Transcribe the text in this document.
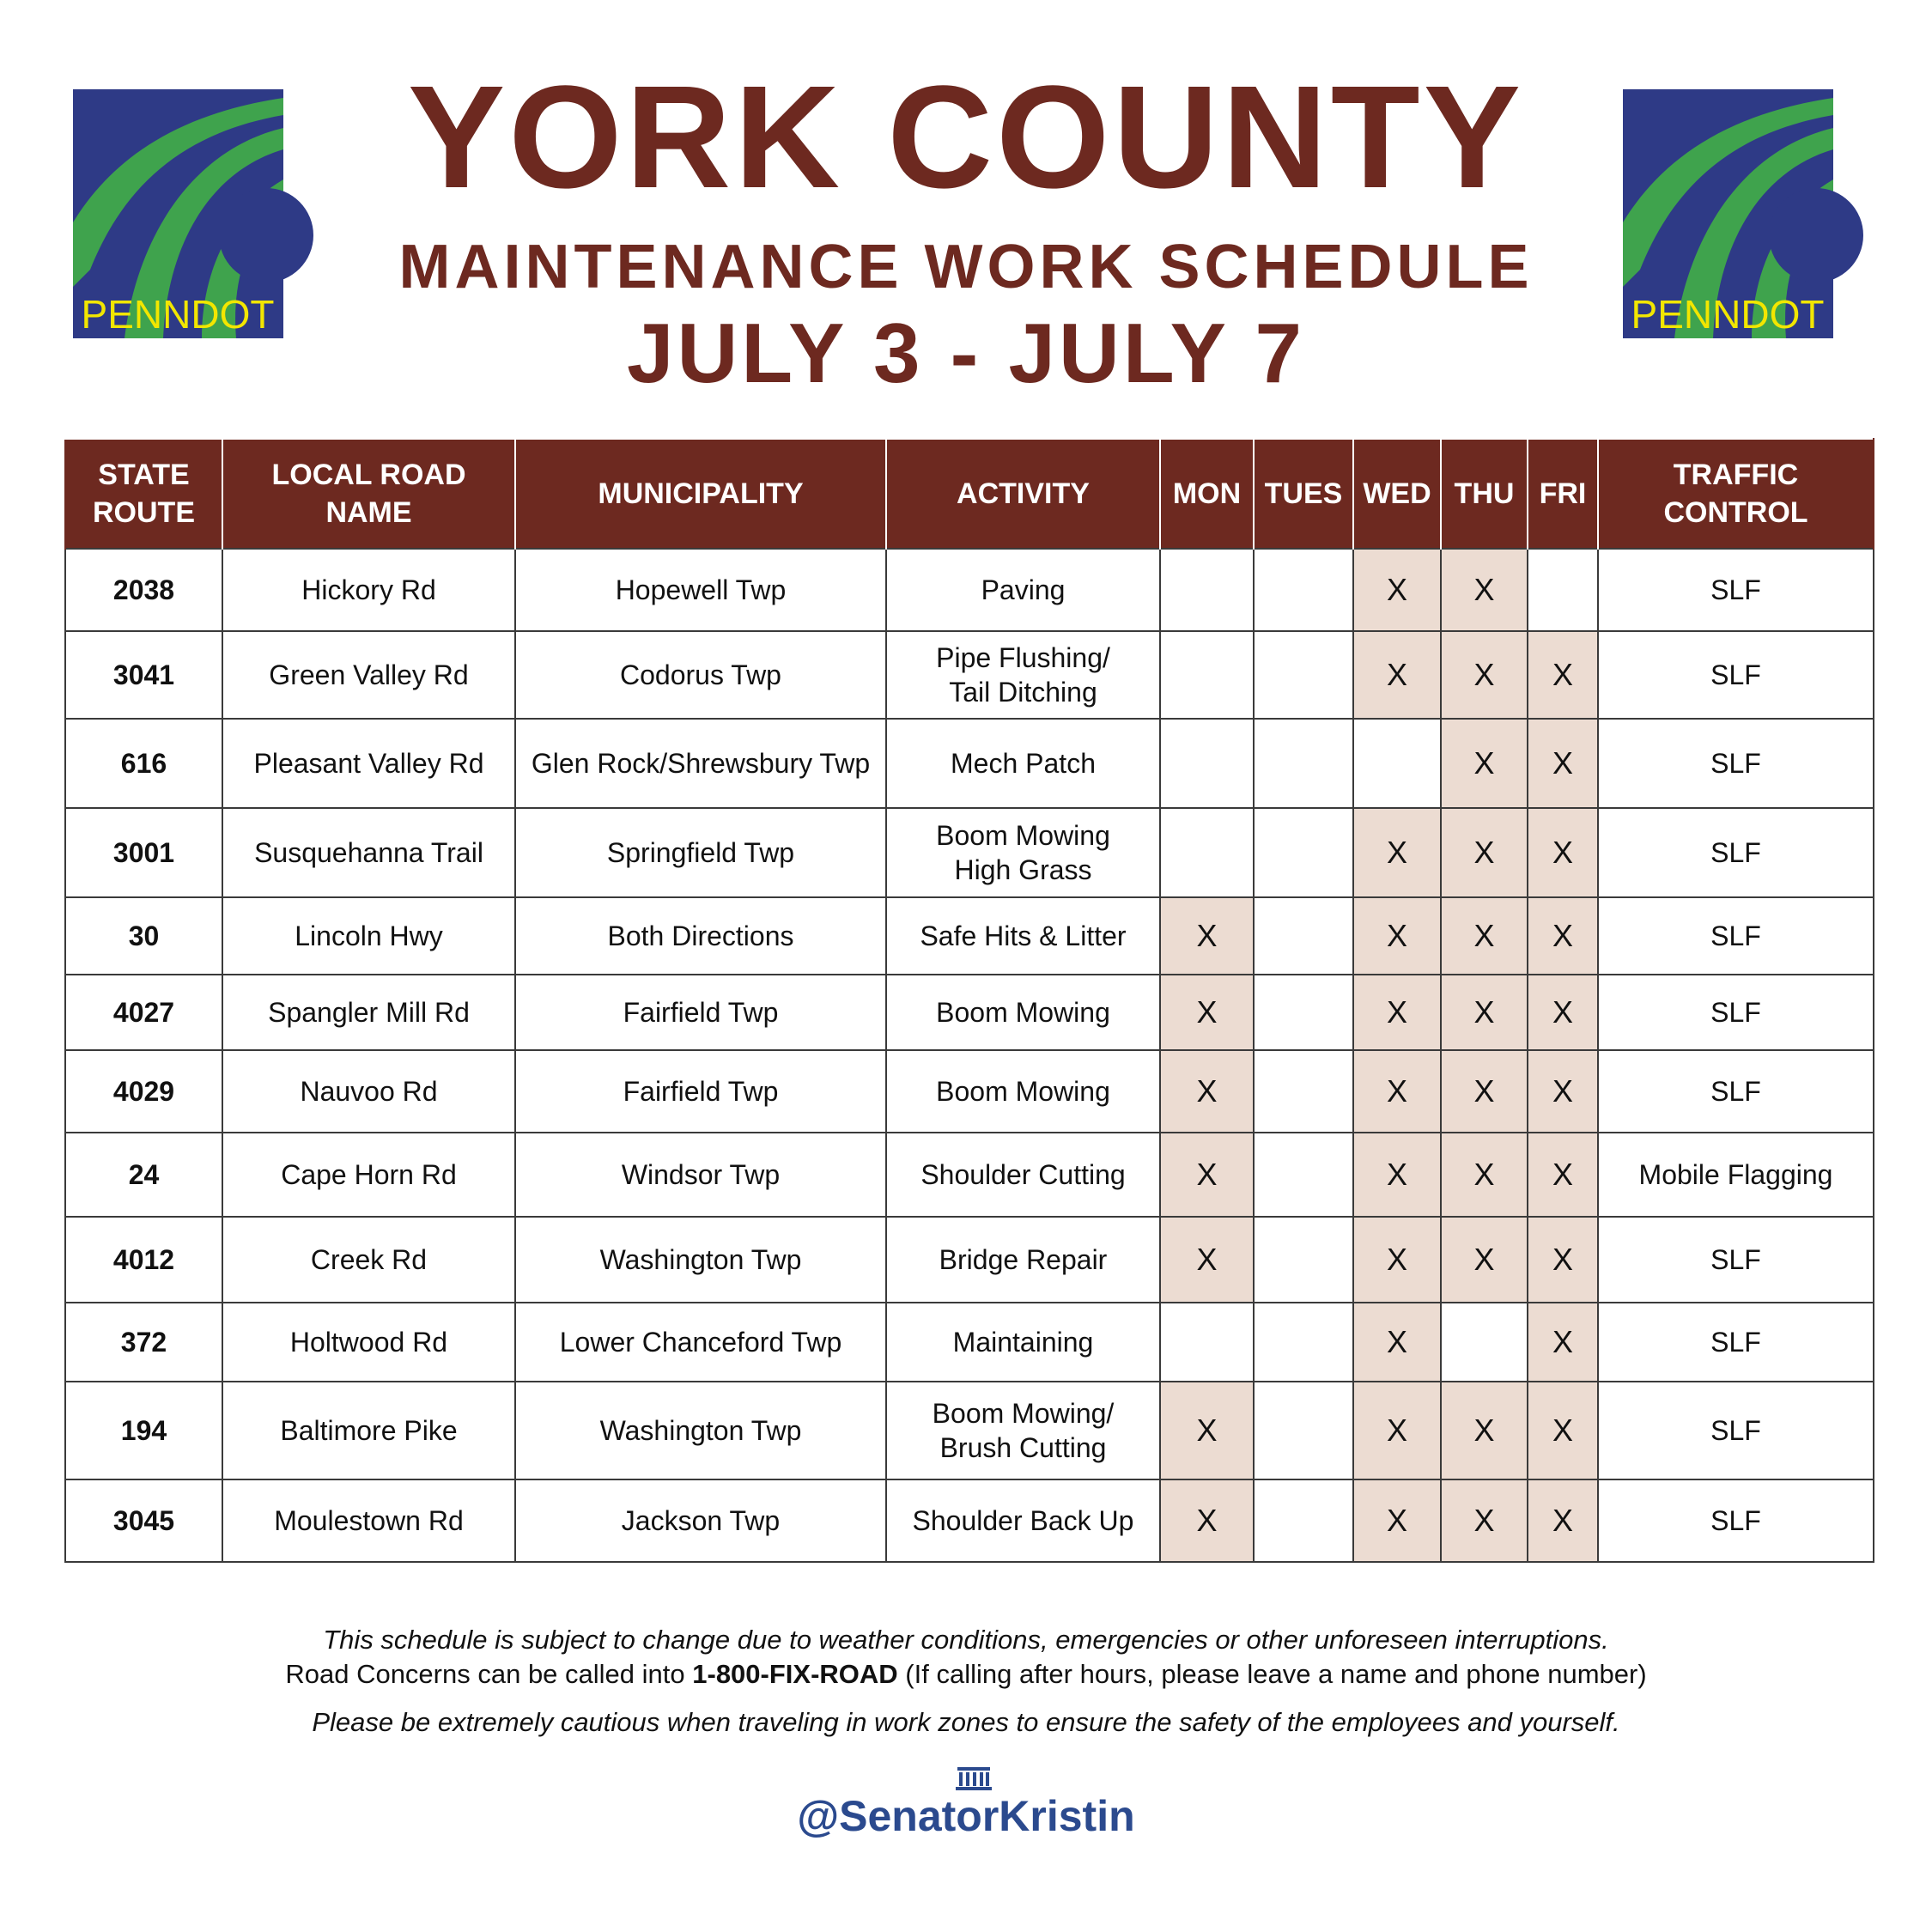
PENNDOT	PENNDOT
YORK COUNTY
MAINTENANCE WORK SCHEDULE
JULY 3 - JULY 7
STATE
ROUTE	LOCAL ROAD NAME	MUNICIPALITY	ACTIVITY	MON	TUES	WED	THU	FRI	TRAFFIC CONTROL
2038	Hickory Rd	Hopewell Twp	Paving			X	X		SLF
3041	Green Valley Rd	Codorus Twp	Pipe Flushing/
Tail Ditching			X	X	X	SLF
616	Pleasant Valley Rd	Glen Rock/Shrewsbury Twp	Mech Patch				X	X	SLF
3001	Susquehanna Trail	Springfield Twp	Boom Mowing
High Grass			X	X	X	SLF
30	Lincoln Hwy	Both Directions	Safe Hits & Litter	X		X	X	X	SLF
4027	Spangler Mill Rd	Fairfield Twp	Boom Mowing	X		X	X	X	SLF
4029	Nauvoo Rd	Fairfield Twp	Boom Mowing	X		X	X	X	SLF
24	Cape Horn Rd	Windsor Twp	Shoulder Cutting	X		X	X	X	Mobile Flagging
4012	Creek Rd	Washington Twp	Bridge Repair	X		X	X	X	SLF
372	Holtwood Rd	Lower Chanceford Twp	Maintaining			X		X	SLF
194	Baltimore Pike	Washington Twp	Boom Mowing/
Brush Cutting	X		X	X	X	SLF
3045	Moulestown Rd	Jackson Twp	Shoulder Back Up	X		X	X	X	SLF
This schedule is subject to change due to weather conditions, emergencies or other unforeseen interruptions.
Road Concerns can be called into 1-800-FIX-ROAD (If calling after hours, please leave a name and phone number)
Please be extremely cautious when traveling in work zones to ensure the safety of the employees and yourself.
@SenatorKristin
